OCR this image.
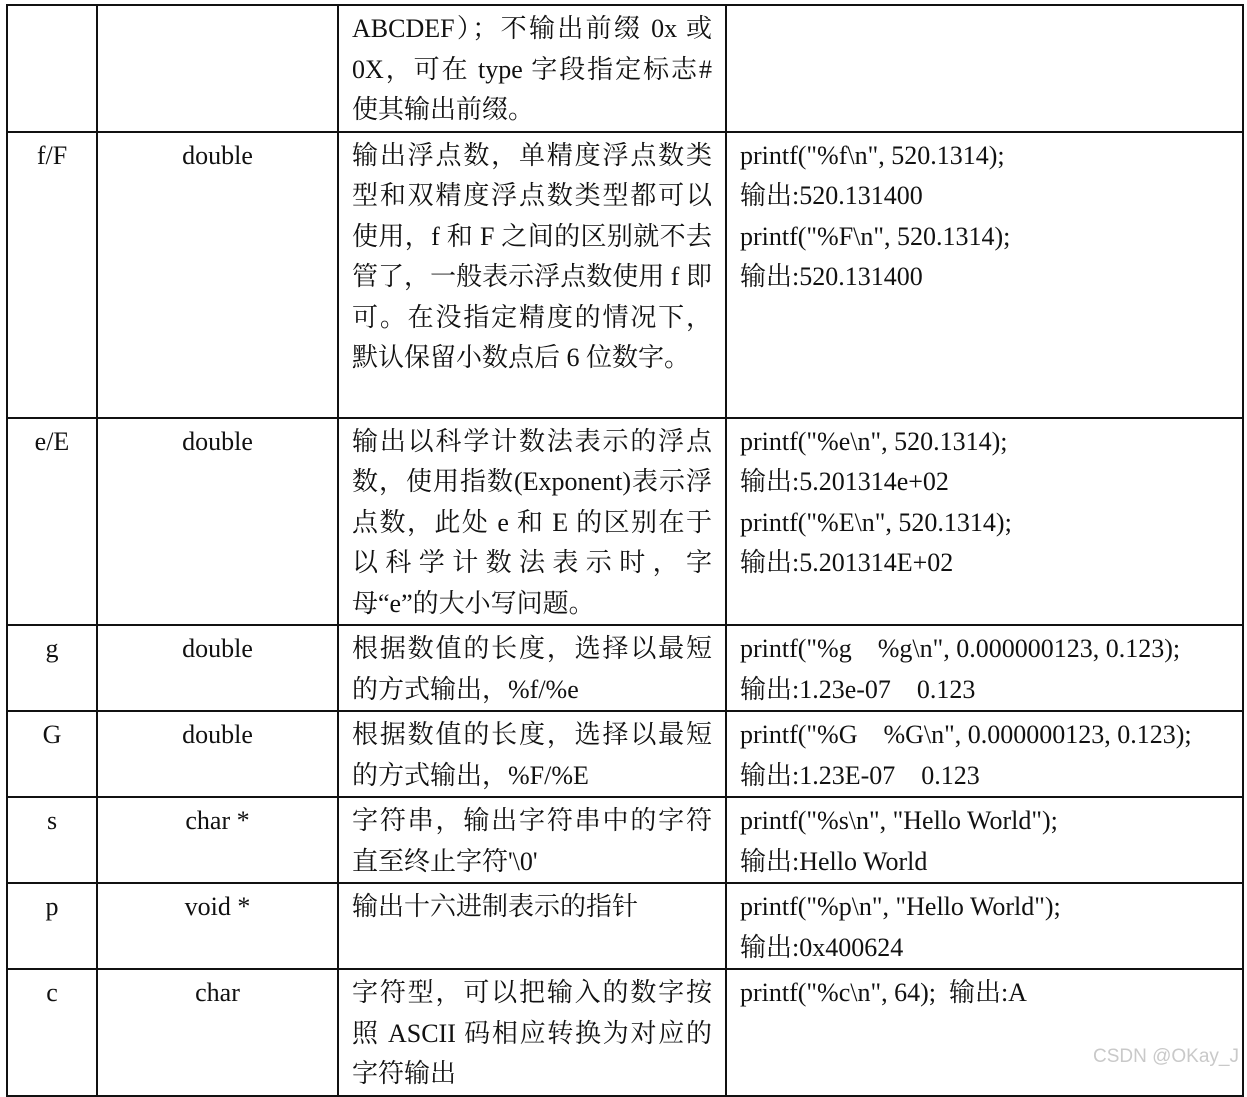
		ABCDEF）；不输出前缀 0x 或 0X，可在 type 字段指定标志#使其输出前缀。	
f/F	double	输出浮点数，单精度浮点数类型和双精度浮点数类型都可以使用，f 和 F 之间的区别就不去管了，一般表示浮点数使用 f 即可。在没指定精度的情况下，默认保留小数点后 6 位数字。	printf("%f\n", 520.1314);
输出:520.131400
printf("%F\n", 520.1314);
输出:520.131400

e/E	double	输出以科学计数法表示的浮点数，使用指数(Exponent)表示浮点数，此处 e 和 E 的区别在于以科学计数法表示时，字母“e”的大小写问题。	printf("%e\n", 520.1314);
输出:5.201314e+02
printf("%E\n", 520.1314);
输出:5.201314E+02

g	double	根据数值的长度，选择以最短的方式输出，%f/%e	printf("%g    %g\n", 0.000000123, 0.123);
输出:1.23e-07    0.123

G	double	根据数值的长度，选择以最短的方式输出，%F/%E	printf("%G    %G\n", 0.000000123, 0.123);
输出:1.23E-07    0.123

s	char *	字符串，输出字符串中的字符直至终止字符'\0'	printf("%s\n", "Hello World");
输出:Hello World

p	void *	输出十六进制表示的指针	printf("%p\n", "Hello World");
输出:0x400624

c	char	字符型，可以把输入的数字按照 ASCII 码相应转换为对应的字符输出	printf("%c\n", 64);  输出:A
CSDN @OKay_J
